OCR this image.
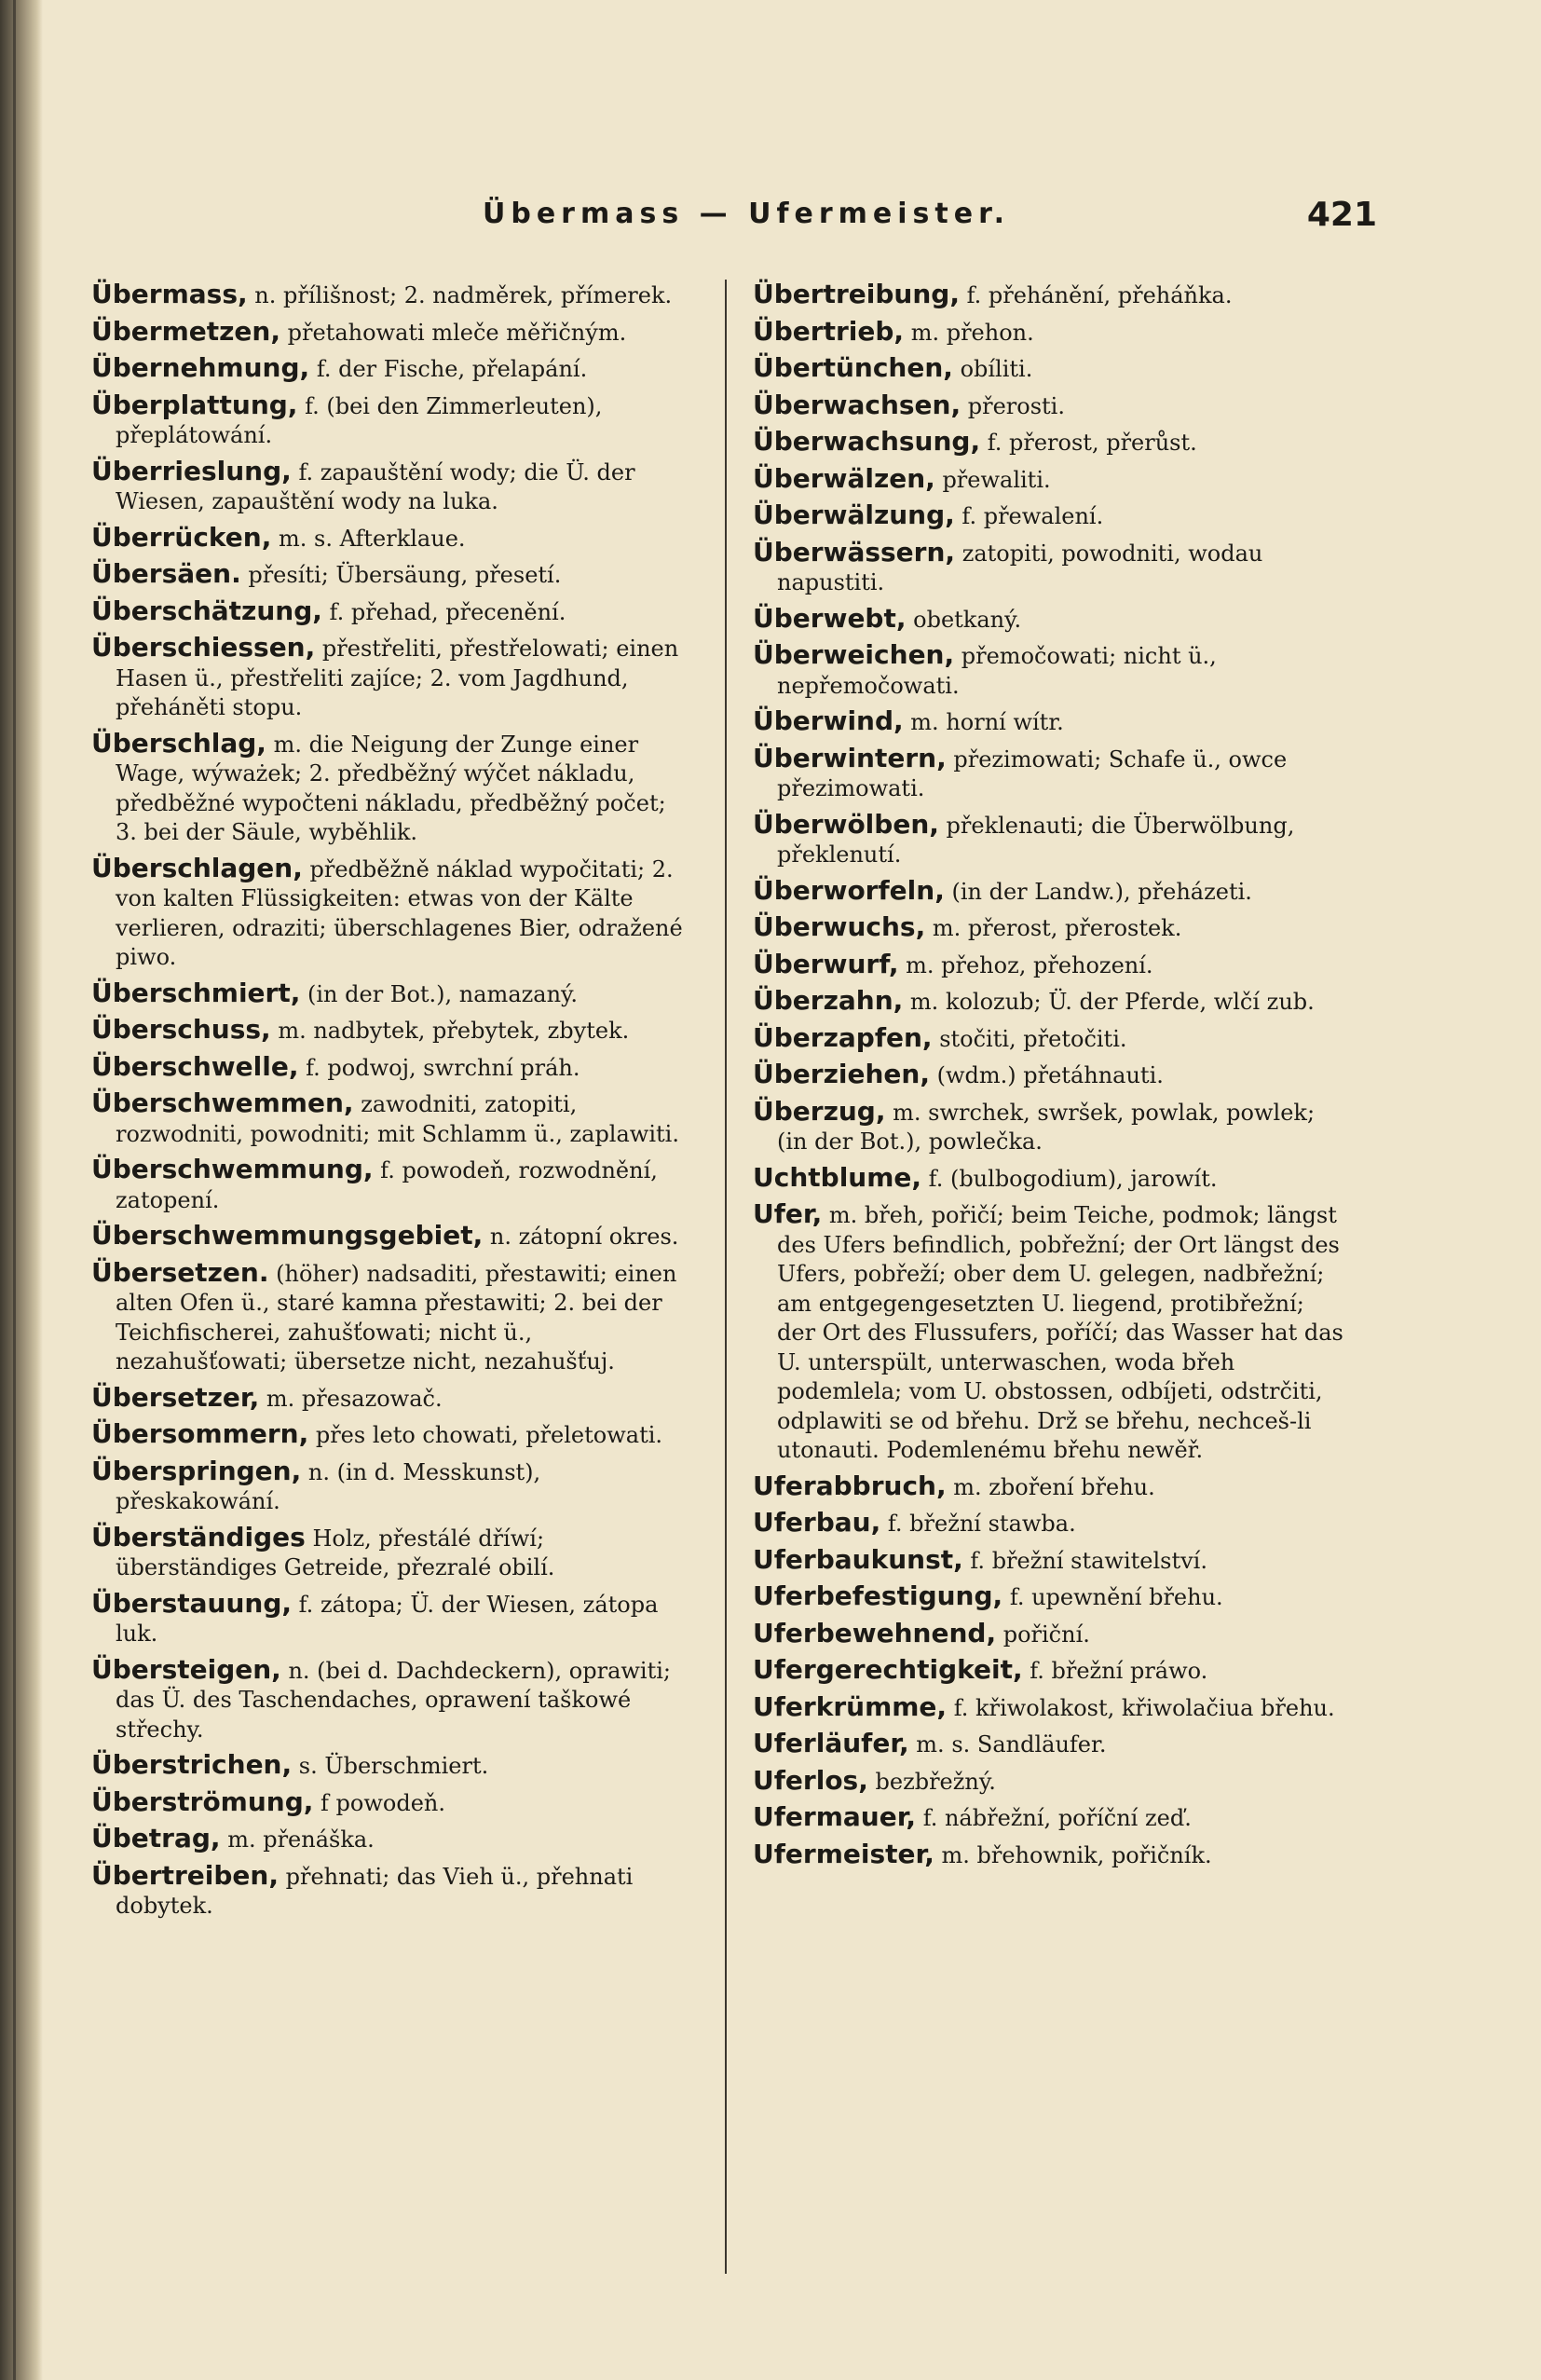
Übermass — Ufermeister.	421

Übermass, n. přílišnost; 2. nadměrek, přímerek.

Übermetzen, přetahowati mleče měřičným.

Übernehmung, f. der Fische, přelapání.

Überplattung, f. (bei den Zimmerleuten), přeplátowání.

Überrieslung, f. zapauštění wody; die Ü. der Wiesen, zapauštění wody na luka.

Überrücken, m. s. Afterklaue.

Übersäen. přesíti; Übersäung, přesetí.

Überschätzung, f. přehad, přecenění.

Überschiessen, přestřeliti, přestřelowati; einen Hasen ü., přestřeliti zajíce; 2. vom Jagdhund, přeháněti stopu.

Überschlag, m. die Neigung der Zunge einer Wage, wýważek; 2. předběžný wýčet nákladu, předběžné wypočteni nákladu, předběžný počet; 3. bei der Säule, wyběhlik.

Überschlagen, předběžně náklad wypočitati; 2. von kalten Flüssigkeiten: etwas von der Kälte verlieren, odraziti; überschlagenes Bier, odražené piwo.

Überschmiert, (in der Bot.), namazaný.

Überschuss, m. nadbytek, přebytek, zbytek.

Überschwelle, f. podwoj, swrchní práh.

Überschwemmen, zawodniti, zatopiti, rozwodniti, powodniti; mit Schlamm ü., zaplawiti.

Überschwemmung, f. powodeň, rozwodnění, zatopení.

Überschwemmungsgebiet, n. zátopní okres.

Übersetzen. (höher) nadsaditi, přestawiti; einen alten Ofen ü., staré kamna přestawiti; 2. bei der Teichfischerei, zahušťowati; nicht ü., nezahušťowati; übersetze nicht, nezahušťuj.

Übersetzer, m. přesazowač.

Übersommern, přes leto chowati, přeletowati.

Überspringen, n. (in d. Messkunst), přeskakowání.

Überständiges Holz, přestálé dříwí; überständiges Getreide, přezralé obilí.

Überstauung, f. zátopa; Ü. der Wiesen, zátopa luk.

Übersteigen, n. (bei d. Dachdeckern), oprawiti; das Ü. des Taschendaches, oprawení taškowé střechy.

Überstrichen, s. Überschmiert.

Überströmung, f powodeň.

Übetrag, m. přenáška.

Übertreiben, přehnati; das Vieh ü., přehnati dobytek.

Übertreibung, f. přehánění, přeháňka.

Übertrieb, m. přehon.

Übertünchen, obíliti.

Überwachsen, přerosti.

Überwachsung, f. přerost, přerůst.

Überwälzen, přewaliti.

Überwälzung, f. přewalení.

Überwässern, zatopiti, powodniti, wodau napustiti.

Überwebt, obetkaný.

Überweichen, přemočowati; nicht ü., nepřemočowati.

Überwind, m. horní wítr.

Überwintern, přezimowati; Schafe ü., owce přezimowati.

Überwölben, překlenauti; die Überwölbung, překlenutí.

Überworfeln, (in der Landw.), přeházeti.

Überwuchs, m. přerost, přerostek.

Überwurf, m. přehoz, přehození.

Überzahn, m. kolozub; Ü. der Pferde, wlčí zub.

Überzapfen, stočiti, přetočiti.

Überziehen, (wdm.) přetáhnauti.

Überzug, m. swrchek, swršek, powlak, powlek; (in der Bot.), powlečka.

Uchtblume, f. (bulbogodium), jarowít.

Ufer, m. břeh, pořičí; beim Teiche, podmok; längst des Ufers befindlich, pobřežní; der Ort längst des Ufers, pobřeží; ober dem U. gelegen, nadbřežní; am entgegengesetzten U. liegend, protibřežní; der Ort des Flussufers, poříčí; das Wasser hat das U. unterspült, unterwaschen, woda břeh podemlela; vom U. obstossen, odbíjeti, odstrčiti, odplawiti se od břehu. Drž se břehu, nechceš-li utonauti. Podemlenému břehu newěř.

Uferabbruch, m. zboření břehu.

Uferbau, f. břežní stawba.

Uferbaukunst, f. břežní stawitelství.

Uferbefestigung, f. upewnění břehu.

Uferbewehnend, pořiční.

Ufergerechtigkeit, f. břežní práwo.

Uferkrümme, f. křiwolakost, křiwolačiua břehu.

Uferläufer, m. s. Sandläufer.

Uferlos, bezbřežný.

Ufermauer, f. nábřežní, poříční zeď.

Ufermeister, m. břehownik, pořičník.
